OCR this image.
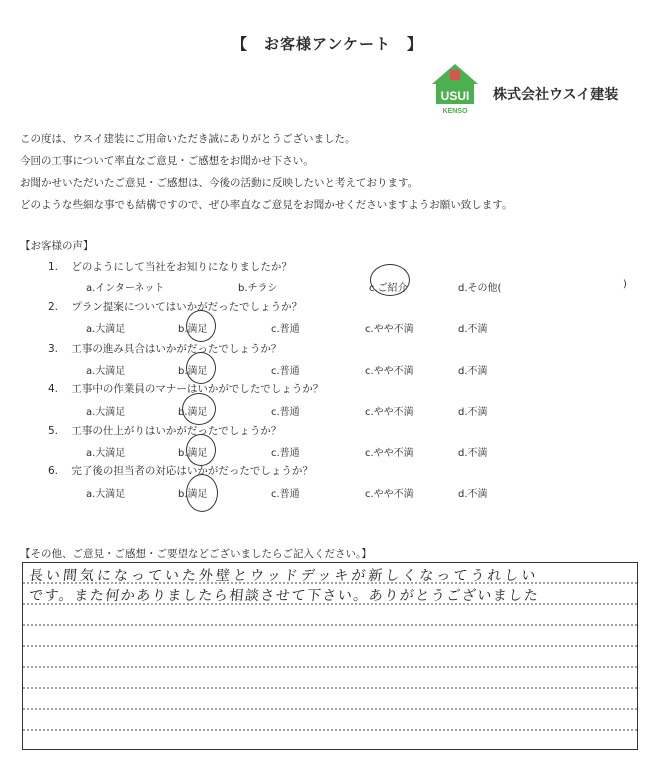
【　お客様アンケート　】
USUI
KENSO
株式会社ウスイ建装
この度は、ウスイ建装にご用命いただき誠にありがとうございました。
今回の工事について率直なご意見・ご感想をお聞かせ下さい。
お聞かせいただいたご意見・ご感想は、今後の活動に反映したいと考えております。
どのような些細な事でも結構ですので、ぜひ率直なご意見をお聞かせくださいますようお願い致します。
【お客様の声】
1. どのようにして当社をお知りになりましたか？
a.インターネット	b.チラシ	c.ご紹介	d.その他(	)
2. プラン提案についてはいかがだったでしょうか？
a.大満足	b.満足	c.普通	c.やや不満	d.不満
3. 工事の進み具合はいかがだったでしょうか？
a.大満足	b.満足	c.普通	c.やや不満	d.不満
4. 工事中の作業員のマナーはいかがでしたでしょうか？
a.大満足	b.満足	c.普通	c.やや不満	d.不満
5. 工事の仕上がりはいかがだったでしょうか？
a.大満足	b.満足	c.普通	c.やや不満	d.不満
6. 完了後の担当者の対応はいかがだったでしょうか？
a.大満足	b.満足	c.普通	c.やや不満	d.不満
【その他、ご意見・ご感想・ご要望などございましたらご記入ください。】
長い間気になっていた外壁とウッドデッキが新しくなってうれしい
です。また何かありましたら相談させて下さい。ありがとうございました
